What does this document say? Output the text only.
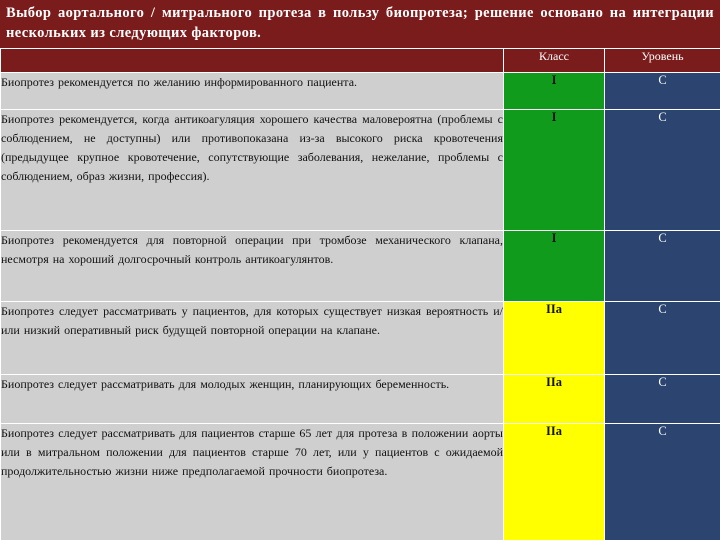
Выбор аортального / митрального протеза в пользу биопротеза; решение основано на интеграции нескольких из следующих факторов.
	Класс	Уровень
Биопротез рекомендуется по желанию информированного пациента.	I	C
Биопротез рекомендуется, когда антикоагуляция хорошего качества маловероятна (проблемы с соблюдением, не доступны) или противопоказана из-за высокого риска кровотечения (предыдущее крупное кровотечение, сопутствующие заболевания, нежелание, проблемы с соблюдением, образ жизни, профессия).	I	C
Биопротез рекомендуется для повторной операции при тромбозе механического клапана, несмотря на хороший долгосрочный контроль антикоагулянтов.	I	C
Биопротез следует рассматривать у пациентов, для которых существует низкая вероятность и/или низкий оперативный риск будущей повторной операции на клапане.	IIa	C
Биопротез следует рассматривать для молодых женщин, планирующих беременность.	IIa	C
Биопротез следует рассматривать для пациентов старше 65 лет для протеза в положении аорты или в митральном положении для пациентов старше 70 лет, или у пациентов с ожидаемой продолжительностью жизни ниже предполагаемой прочности биопротеза.	IIa	C
